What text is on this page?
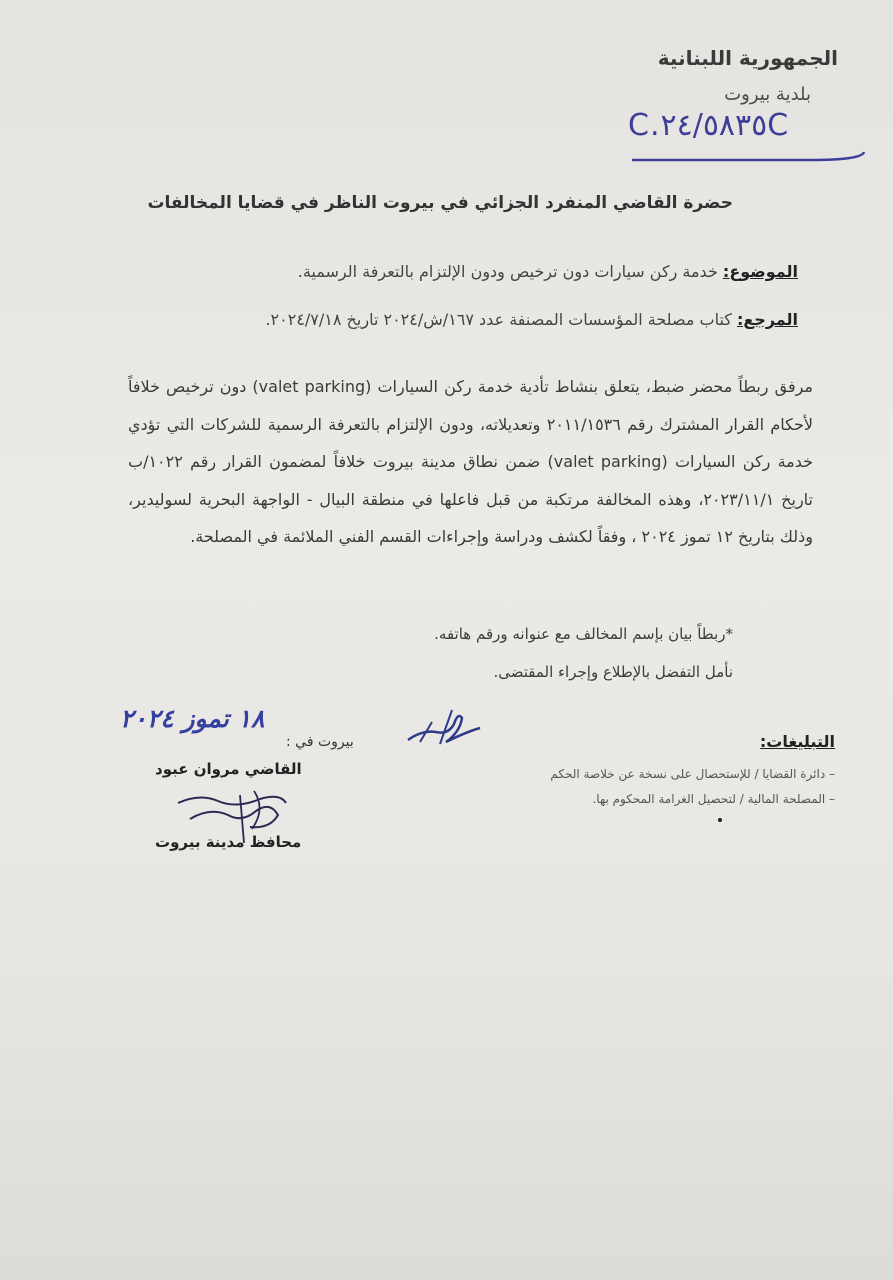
الجمهورية اللبنانية
بلدية بيروت
C.٢٤/٥٨٣٥C
حضرة القاضي المنفرد الجزائي في بيروت الناظر في قضايا المخالفات
الموضوع: خدمة ركن سيارات دون ترخيص ودون الإلتزام بالتعرفة الرسمية.
المرجع: كتاب مصلحة المؤسسات المصنفة عدد ١٦٧/ش/٢٠٢٤ تاريخ ٢٠٢٤/٧/١٨.
مرفق ربطاً محضر ضبط، يتعلق بنشاط تأدية خدمة ركن السيارات (valet parking) دون ترخيص خلافاً لأحكام القرار المشترك رقم ٢٠١١/١٥٣٦ وتعديلاته، ودون الإلتزام بالتعرفة الرسمية للشركات التي تؤدي خدمة ركن السيارات (valet parking) ضمن نطاق مدينة بيروت خلافاً لمضمون القرار رقم ١٠٢٢/ب تاريخ ٢٠٢٣/١١/١، وهذه المخالفة مرتكبة من قبل فاعلها في منطقة البيال - الواجهة البحرية لسوليدير، وذلك بتاريخ ١٢ تموز ٢٠٢٤ ، وفقاً لكشف ودراسة وإجراءات القسم الفني الملائمة في المصلحة.
*ربطاً بيان بإسم المخالف مع عنوانه ورقم هاتفه.
نأمل التفضل بالإطلاع وإجراء المقتضى.
١٨ تموز ٢٠٢٤
بيروت في :
القاضي مروان عبود
محافظ مدينة بيروت
التبليغات:
– دائرة القضايا / للإستحصال على نسخة عن خلاصة الحكم
– المصلحة المالية / لتحصيل الغرامة المحكوم بها.
